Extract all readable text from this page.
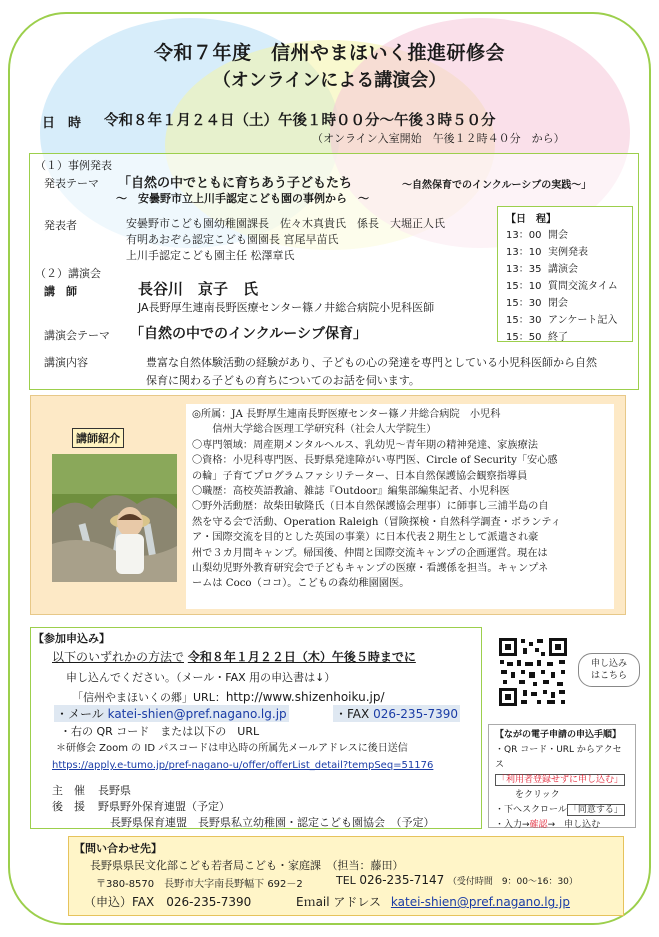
令和７年度　信州やまほいく推進研修会
（オンラインによる講演会）
日　時 令和８年１月２４日（土）午後１時００分～午後３時５０分
（オンライン入室開始　午後１２時４０分　から）
（１）事例発表
発表テーマ 「自然の中でともに育ちあう子どもたち	～自然保育でのインクルーシブの実践～」
～　安曇野市立上川手認定こども園の事例から　～
発表者	安曇野市こども園幼稚園課長　佐々木真貴氏　係長　大堀正人氏
有明あおぞら認定こども園園長 宮尾早苗氏
上川手認定こども園主任 松澤章氏
【日　程】
13：00 開会
13：10 実例発表
13：35 講演会
15：10 質問交流タイム
15：30 閉会
15：30 アンケート記入
15：50 終了
（２）講演会
講　師	長谷川　京子　氏
JA長野厚生連南長野医療センター篠ノ井総合病院小児科医師
講演会テーマ 「自然の中でのインクルーシブ保育」
講演内容	豊富な自然体験活動の経験があり、子どもの心の発達を専門としている小児科医師から自然
保育に関わる子どもの育ちについてのお話を伺います。
講師紹介
◎所属：JA 長野厚生連南長野医療センター篠ノ井総合病院　小児科
　　信州大学総合医理工学研究科（社会人大学院生）
〇専門領域：周産期メンタルヘルス、乳幼児～青年期の精神発達、家族療法
〇資格：小児科専門医、長野県発達障がい専門医、Circle of Security「安心感
の輪」子育てプログラムファシリテーター、日本自然保護協会観察指導員
〇職歴：高校英語教諭、雑誌『Outdoor』編集部編集記者、小児科医
〇野外活動歴：故柴田敏隆氏（日本自然保護協会理事）に師事し三浦半島の自
然を守る会で活動、Operation Raleigh（冒険探検・自然科学調査・ボランティ
ア・国際交流を目的とした英国の事業）に日本代表２期生として派遣され豪
州で３カ月間キャンプ。帰国後、仲間と国際交流キャンプの企画運営。現在は
山梨幼児野外教育研究会で子どもキャンプの医療・看護係を担当。キャンプネ
ームは Coco（ココ）。こどもの森幼稚園園医。
【参加申込み】
以下のいずれかの方法で 令和８年１月２２日（木）午後５時までに
申し込んでください。（メール・FAX 用の申込書は↓）
「信州やまほいくの郷」URL：http://www.shizenhoiku.jp/
・メール katei-shien@pref.nagano.lg.jp	・FAX 026-235-7390
・右の QR コード　または以下の　URL
＊研修会 Zoom の ID パスコードは申込時の所属先メールアドレスに後日送信
https://apply.e-tumo.jp/pref-nagano-u/offer/offerList_detail?tempSeq=51176
申し込み
はこちら
【ながの電子申請の申込手順】
・QR コード・URL からアクセス
「利用者登録せずに申し込む」
をクリック
・下へスクロール 「同意する」
・入力→確認→　申し込む
主　催 長野県
後　援 野県野外保育連盟（予定）
長野県保育連盟　長野県私立幼稚園・認定こども園協会　（予定）
【問い合わせ先】
長野県県民文化部こども若者局こども・家庭課　（担当：藤田）
〒380-8570　長野市大字南長野幅下 692－2	TEL 026-235-7147 （受付時間　9：00～16：30）
（申込）FAX　026-235-7390	Eｍail アドレス katei-shien@pref.nagano.lg.jp
